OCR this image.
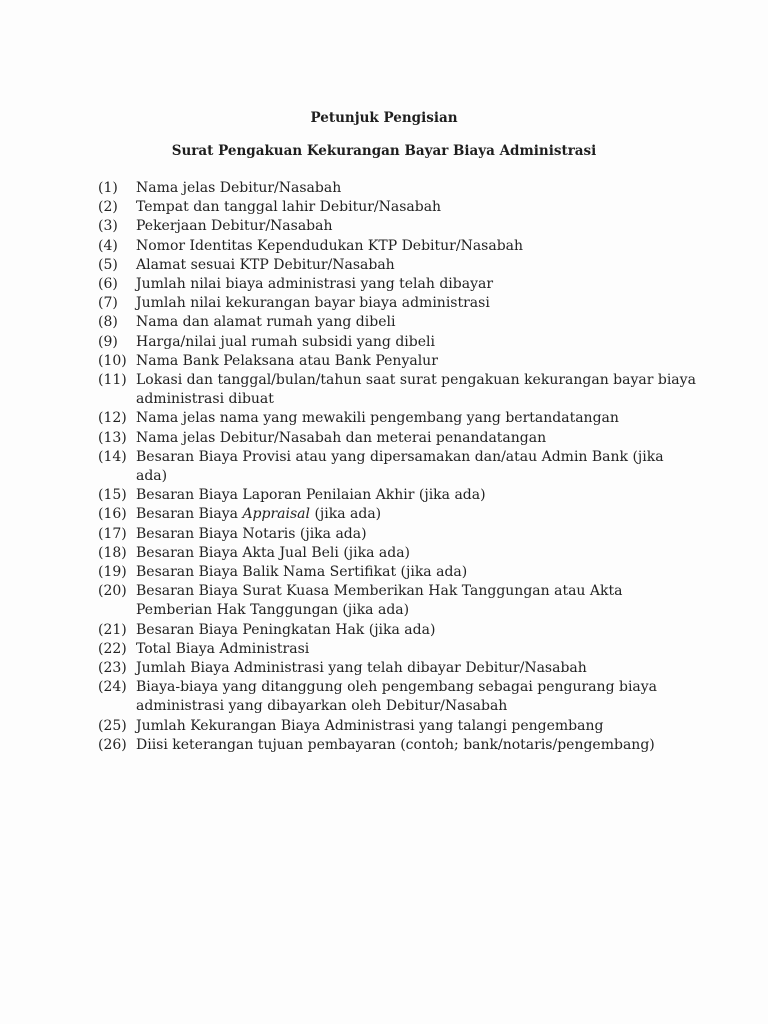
Petunjuk Pengisian
Surat Pengakuan Kekurangan Bayar Biaya Administrasi
(1)	Nama jelas Debitur/Nasabah
(2)	Tempat dan tanggal lahir Debitur/Nasabah
(3)	Pekerjaan Debitur/Nasabah
(4)	Nomor Identitas Kependudukan KTP Debitur/Nasabah
(5)	Alamat sesuai KTP Debitur/Nasabah
(6)	Jumlah nilai biaya administrasi yang telah dibayar
(7)	Jumlah nilai kekurangan bayar biaya administrasi
(8)	Nama dan alamat rumah yang dibeli
(9)	Harga/nilai jual rumah subsidi yang dibeli
(10) Nama Bank Pelaksana atau Bank Penyalur
(11) Lokasi dan tanggal/bulan/tahun saat surat pengakuan kekurangan bayar biaya administrasi dibuat
(12) Nama jelas nama yang mewakili pengembang yang bertandatangan
(13) Nama jelas Debitur/Nasabah dan meterai penandatangan
(14) Besaran Biaya Provisi atau yang dipersamakan dan/atau Admin Bank (jika ada)
(15) Besaran Biaya Laporan Penilaian Akhir (jika ada)
(16) Besaran Biaya Appraisal (jika ada)
(17) Besaran Biaya Notaris (jika ada)
(18) Besaran Biaya Akta Jual Beli (jika ada)
(19) Besaran Biaya Balik Nama Sertifikat (jika ada)
(20) Besaran Biaya Surat Kuasa Memberikan Hak Tanggungan atau Akta Pemberian Hak Tanggungan (jika ada)
(21) Besaran Biaya Peningkatan Hak (jika ada)
(22) Total Biaya Administrasi
(23) Jumlah Biaya Administrasi yang telah dibayar Debitur/Nasabah
(24) Biaya-biaya yang ditanggung oleh pengembang sebagai pengurang biaya administrasi yang dibayarkan oleh Debitur/Nasabah
(25) Jumlah Kekurangan Biaya Administrasi yang talangi pengembang
(26) Diisi keterangan tujuan pembayaran (contoh; bank/notaris/pengembang)
